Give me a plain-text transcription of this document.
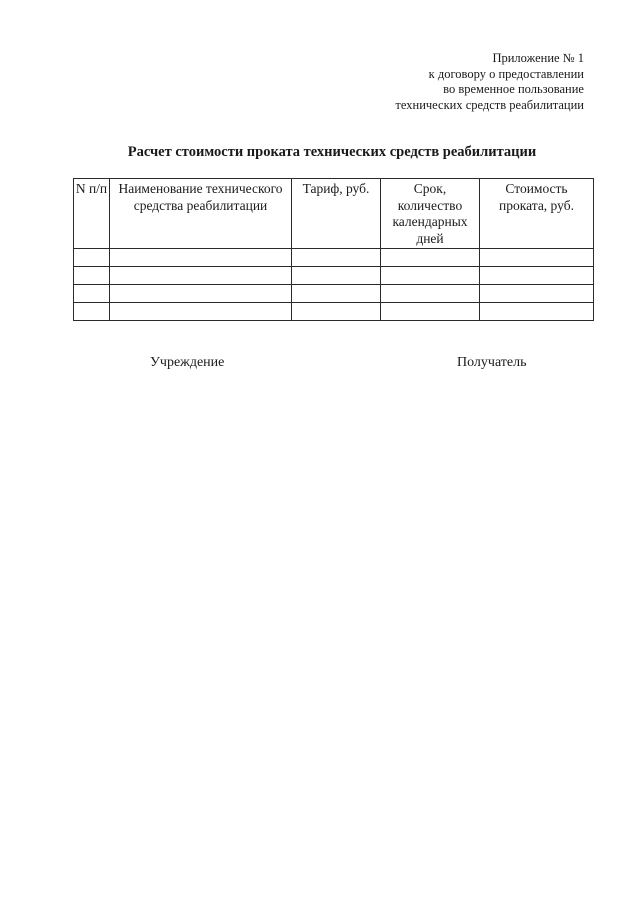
Приложение № 1
к договору о предоставлении
во временное пользование
технических средств реабилитации
Расчет стоимости проката технических средств реабилитации
N п/п	Наименование технического средства реабилитации	Тариф, руб.	Срок, количество календарных дней	Стоимость проката, руб.

Учреждение	Получатель
